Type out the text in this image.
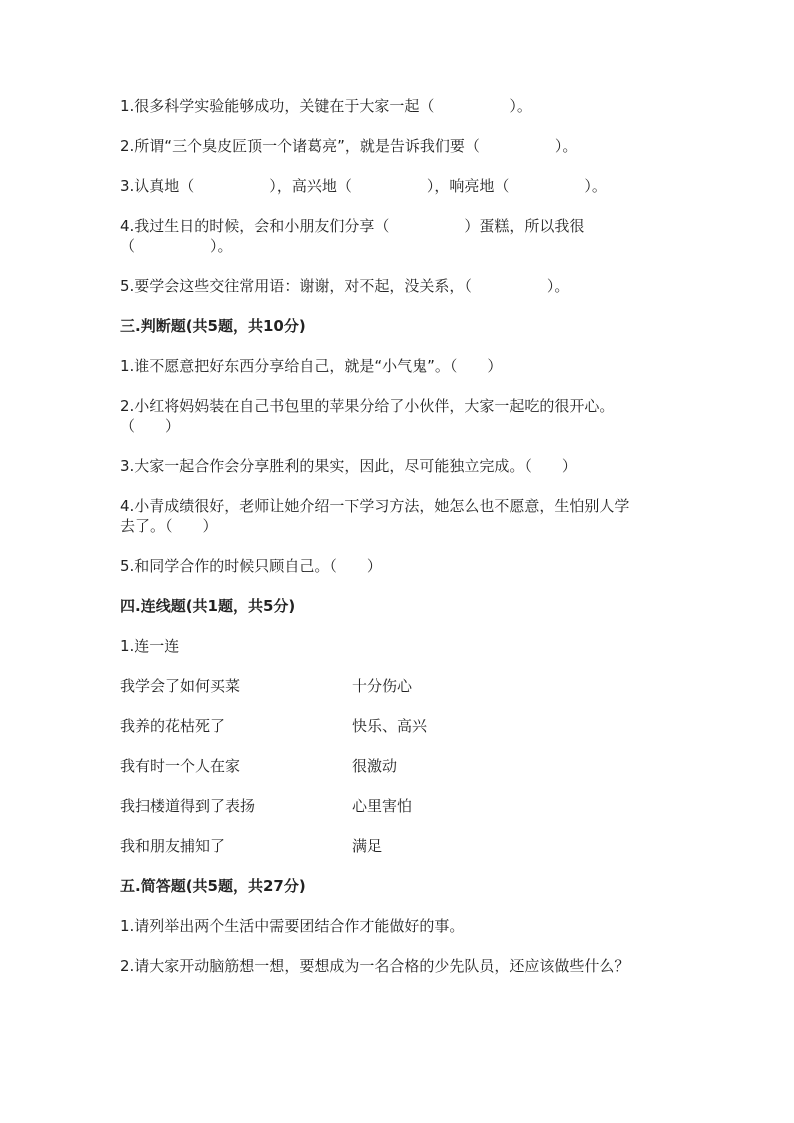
1.很多科学实验能够成功，关键在于大家一起（　　　　　）。
2.所谓“三个臭皮匠顶一个诸葛亮”，就是告诉我们要（　　　　　）。
3.认真地（　　　　　），高兴地（　　　　　），响亮地（　　　　　）。
4.我过生日的时候，会和小朋友们分享（　　　　　）蛋糕，所以我很
（　　　　　）。
5.要学会这些交往常用语：谢谢，对不起，没关系，（　　　　　）。
三.判断题(共5题，共10分)
1.谁不愿意把好东西分享给自己，就是“小气鬼”。（　　）
2.小红将妈妈装在自己书包里的苹果分给了小伙伴，大家一起吃的很开心。
（　　）
3.大家一起合作会分享胜利的果实，因此，尽可能独立完成。（　　）
4.小青成绩很好，老师让她介绍一下学习方法，她怎么也不愿意，生怕别人学
去了。（　　）
5.和同学合作的时候只顾自己。（　　）
四.连线题(共1题，共5分)
1.连一连
我学会了如何买菜	十分伤心
我养的花枯死了	快乐、高兴
我有时一个人在家	很激动
我扫楼道得到了表扬	心里害怕
我和朋友捕知了	满足
五.简答题(共5题，共27分)
1.请列举出两个生活中需要团结合作才能做好的事。
2.请大家开动脑筋想一想，要想成为一名合格的少先队员，还应该做些什么？
